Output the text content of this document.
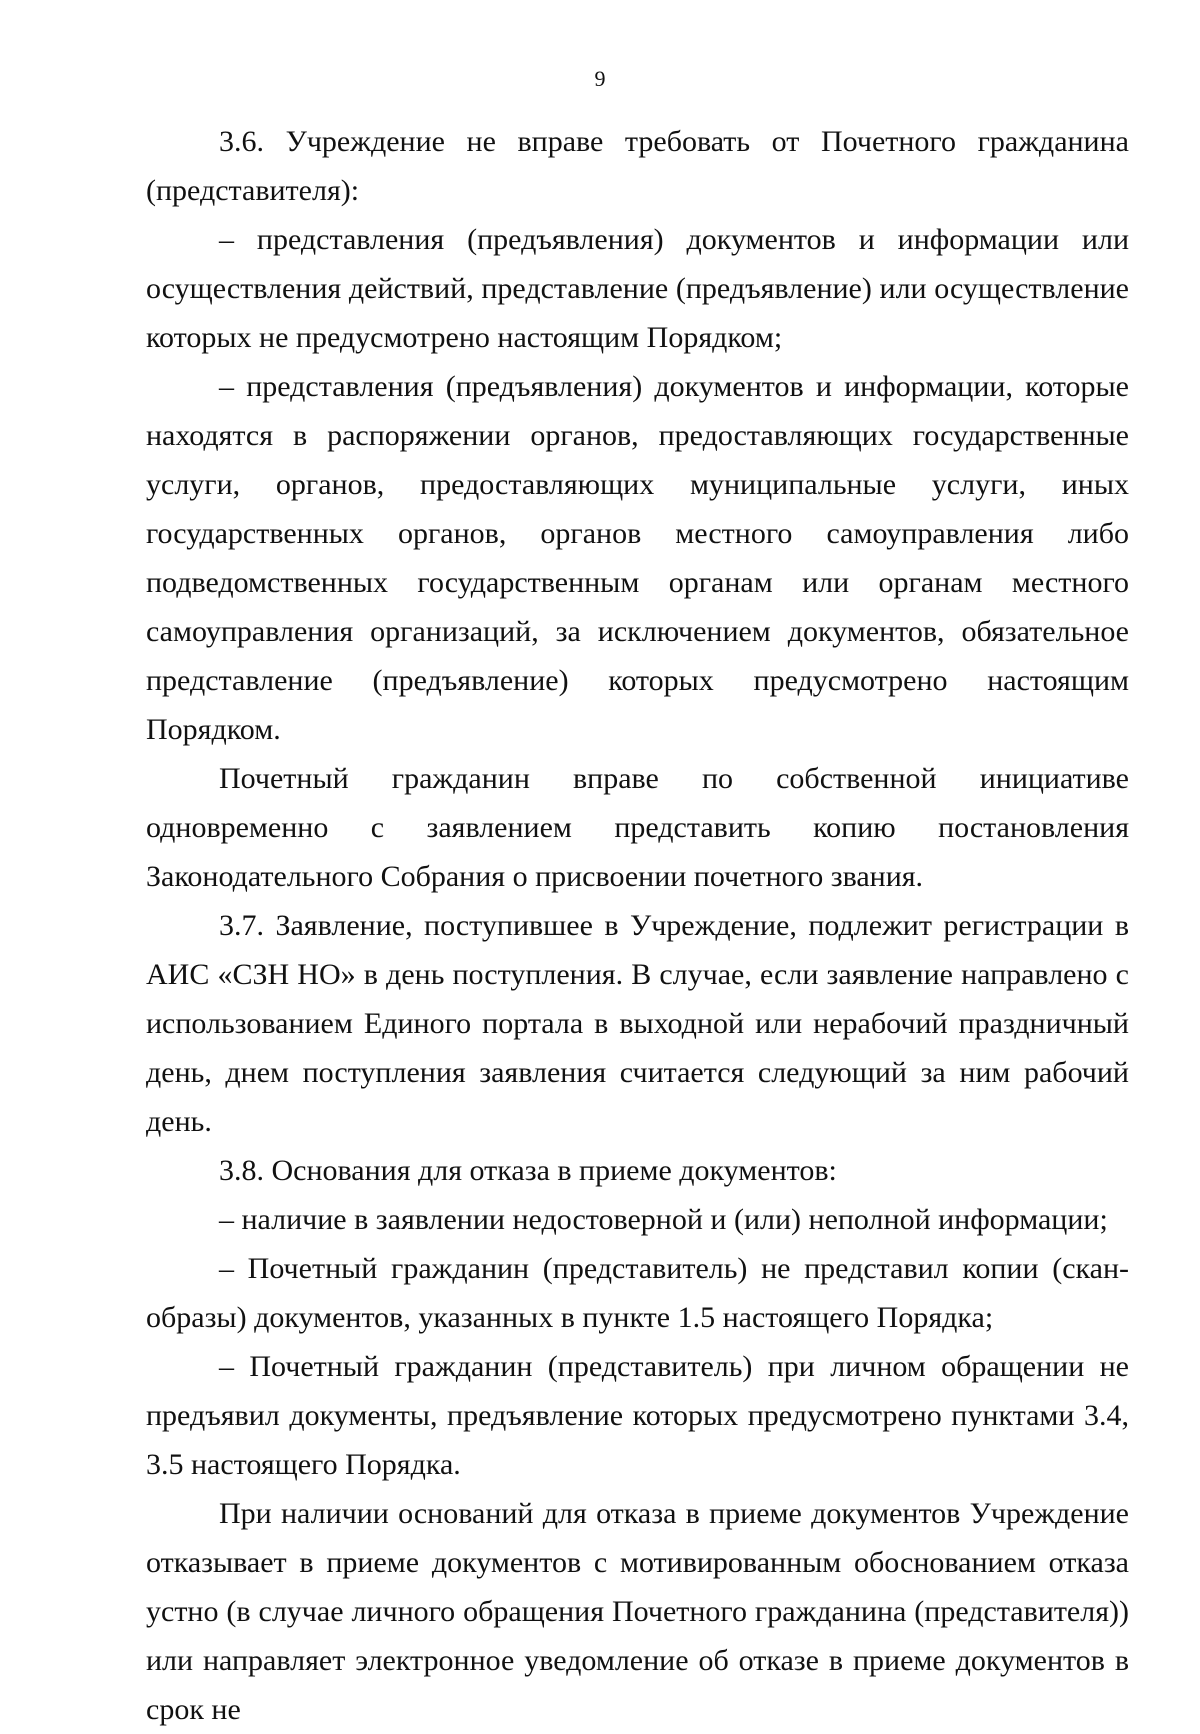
9

3.6. Учреждение не вправе требовать от Почетного гражданина (представителя):

– представления (предъявления) документов и информации или осуществления действий, представление (предъявление) или осуществление которых не предусмотрено настоящим Порядком;

– представления (предъявления) документов и информации, которые находятся в распоряжении органов, предоставляющих государственные услуги, органов, предоставляющих муниципальные услуги, иных государственных органов, органов местного самоуправления либо подведомственных государственным органам или органам местного самоуправления организаций, за исключением документов, обязательное представление (предъявление) которых предусмотрено настоящим Порядком.

Почетный гражданин вправе по собственной инициативе одновременно с заявлением представить копию постановления Законодательного Собрания о присвоении почетного звания.

3.7. Заявление, поступившее в Учреждение, подлежит регистрации в АИС «СЗН НО» в день поступления. В случае, если заявление направлено с использованием Единого портала в выходной или нерабочий праздничный день, днем поступления заявления считается следующий за ним рабочий день.

3.8. Основания для отказа в приеме документов:

– наличие в заявлении недостоверной и (или) неполной информации;

– Почетный гражданин (представитель) не представил копии (скан-образы) документов, указанных в пункте 1.5 настоящего Порядка;

– Почетный гражданин (представитель) при личном обращении не предъявил документы, предъявление которых предусмотрено пунктами 3.4, 3.5 настоящего Порядка.

При наличии оснований для отказа в приеме документов Учреждение отказывает в приеме документов с мотивированным обоснованием отказа устно (в случае личного обращения Почетного гражданина (представителя)) или направляет электронное уведомление об отказе в приеме документов в срок не
